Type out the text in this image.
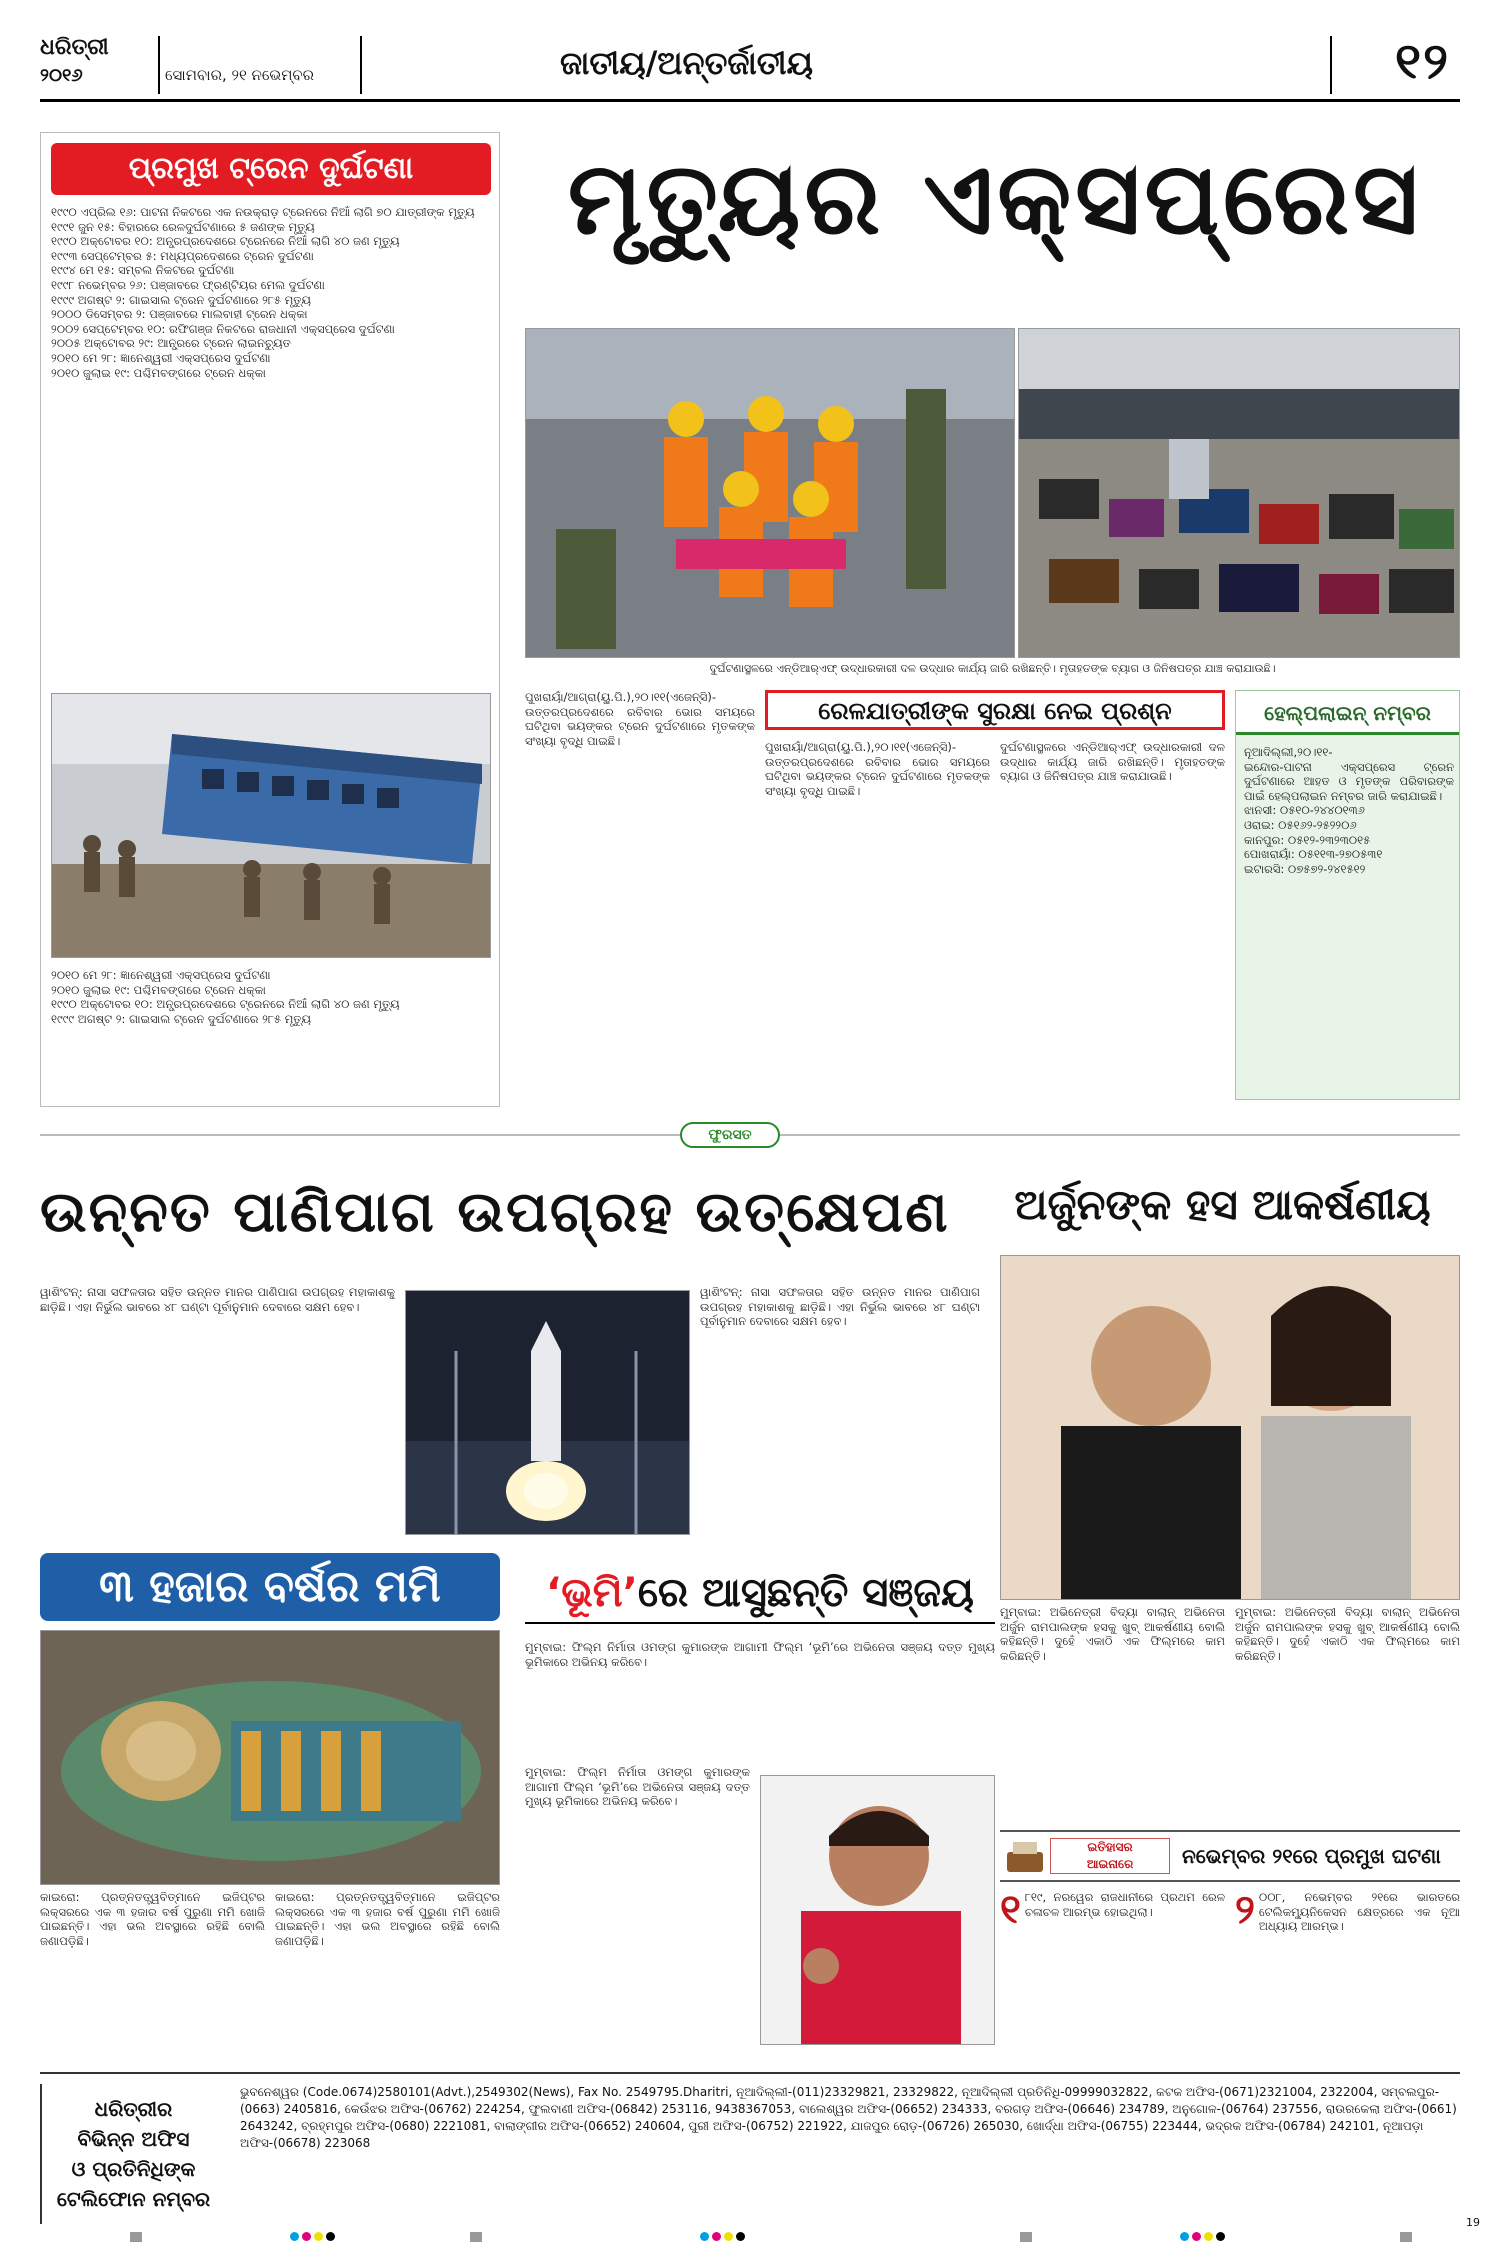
ଧରିତ୍ରୀ
୨୦୧୬	ସୋମବାର, ୨୧ ନଭେମ୍ବର	ଜାତୀୟ/ଅନ୍ତର୍ଜାତୀୟ	୧୨
ପ୍ରମୁଖ ଟ୍ରେନ ଦୁର୍ଘଟଣା

୧୯୯୦ ଏପ୍ରିଲ ୧୬: ପାଟନା ନିକଟରେ ଏକ ନଉକ୍ରାଡ଼ ଟ୍ରେନରେ ନିଆଁ ଲାଗି ୭୦ ଯାତ୍ରୀଙ୍କ ମୃତ୍ୟୁ

୧୯୯୧ ଜୁନ ୧୫: ବିହାରରେ ରେଳଦୁର୍ଘଟଣାରେ ୫ ଜଣଙ୍କ ମୃତ୍ୟୁ

୧୯୯୦ ଅକ୍ଟୋବର ୧୦: ଅନ୍ଧ୍ରପ୍ରଦେଶରେ ଟ୍ରେନରେ ନିଆଁ ଲାଗି ୪୦ ଜଣ ମୃତ୍ୟୁ

୧୯୯୩ ସେପ୍ଟେମ୍ବର ୫: ମଧ୍ୟପ୍ରଦେଶରେ ଟ୍ରେନ ଦୁର୍ଘଟଣା

୧୯୯୪ ମେ ୧୫: ସମ୍ବଲ ନିକଟରେ ଦୁର୍ଘଟଣା

୧୯୯୮ ନଭେମ୍ବର ୨୬: ପଞ୍ଜାବରେ ଫ୍ରଣ୍ଟିୟର ମେଲ ଦୁର୍ଘଟଣା

୧୯୯୯ ଅଗଷ୍ଟ ୨: ଗାଇସାଲ ଟ୍ରେନ ଦୁର୍ଘଟଣାରେ ୨୮୫ ମୃତ୍ୟୁ

୨୦୦୦ ଡିସେମ୍ବର ୨: ପଞ୍ଜାବରେ ମାଲବାହୀ ଟ୍ରେନ ଧକ୍କା

୨୦୦୨ ସେପ୍ଟେମ୍ବର ୧୦: ରଫିଗଞ୍ଜ ନିକଟରେ ରାଜଧାନୀ ଏକ୍ସପ୍ରେସ ଦୁର୍ଘଟଣା

୨୦୦୫ ଅକ୍ଟୋବର ୨୯: ଆନ୍ଧ୍ରରେ ଟ୍ରେନ ଲାଇନଚ୍ୟୁତ

୨୦୧୦ ମେ ୨୮: ଜ୍ଞାନେଶ୍ୱରୀ ଏକ୍ସପ୍ରେସ ଦୁର୍ଘଟଣା

୨୦୧୦ ଜୁଲାଇ ୧୯: ପଶ୍ଚିମବଙ୍ଗରେ ଟ୍ରେନ ଧକ୍କା

୨୦୧୦ ମେ ୨୮: ଜ୍ଞାନେଶ୍ୱରୀ ଏକ୍ସପ୍ରେସ ଦୁର୍ଘଟଣା

୨୦୧୦ ଜୁଲାଇ ୧୯: ପଶ୍ଚିମବଙ୍ଗରେ ଟ୍ରେନ ଧକ୍କା

୧୯୯୦ ଅକ୍ଟୋବର ୧୦: ଅନ୍ଧ୍ରପ୍ରଦେଶରେ ଟ୍ରେନରେ ନିଆଁ ଲାଗି ୪୦ ଜଣ ମୃତ୍ୟୁ

୧୯୯୯ ଅଗଷ୍ଟ ୨: ଗାଇସାଲ ଟ୍ରେନ ଦୁର୍ଘଟଣାରେ ୨୮୫ ମୃତ୍ୟୁ

ମୃତ୍ୟୁର ଏକ୍ସପ୍ରେସ
ଦୁର୍ଘଟଣାସ୍ଥଳରେ ଏନ୍‌ଡିଆର୍‌ଏଫ୍ ଉଦ୍ଧାରକାରୀ ଦଳ ଉଦ୍ଧାର କାର୍ଯ୍ୟ ଜାରି ରଖିଛନ୍ତି। ମୃତାହତଙ୍କ ବ୍ୟାଗ ଓ ଜିନିଷପତ୍ର ଯାଞ୍ଚ କରାଯାଉଛି।

ପୁଖରାୟାଁ/ଆଗ୍ରା(ୟୁ.ପି.),୨୦।୧୧(ଏଜେନ୍ସି)- ଉତ୍ତରପ୍ରଦେଶରେ ରବିବାର ଭୋର ସମୟରେ ଘଟିଥିବା ଭୟଙ୍କର ଟ୍ରେନ ଦୁର୍ଘଟଣାରେ ମୃତକଙ୍କ ସଂଖ୍ୟା ବୃଦ୍ଧି ପାଇଛି।

ରେଳଯାତ୍ରୀଙ୍କ ସୁରକ୍ଷା ନେଇ ପ୍ରଶ୍ନ

ପୁଖରାୟାଁ/ଆଗ୍ରା(ୟୁ.ପି.),୨୦।୧୧(ଏଜେନ୍ସି)- ଉତ୍ତରପ୍ରଦେଶରେ ରବିବାର ଭୋର ସମୟରେ ଘଟିଥିବା ଭୟଙ୍କର ଟ୍ରେନ ଦୁର୍ଘଟଣାରେ ମୃତକଙ୍କ ସଂଖ୍ୟା ବୃଦ୍ଧି ପାଇଛି।

ଦୁର୍ଘଟଣାସ୍ଥଳରେ ଏନ୍‌ଡିଆର୍‌ଏଫ୍ ଉଦ୍ଧାରକାରୀ ଦଳ ଉଦ୍ଧାର କାର୍ଯ୍ୟ ଜାରି ରଖିଛନ୍ତି। ମୃତାହତଙ୍କ ବ୍ୟାଗ ଓ ଜିନିଷପତ୍ର ଯାଞ୍ଚ କରାଯାଉଛି।

ହେଲ୍ପଲାଇନ୍ ନମ୍ବର

ନୂଆଦିଲ୍ଲୀ,୨୦।୧୧-

ଇନ୍ଦୋର-ପାଟନା ଏକ୍ସପ୍ରେସ ଟ୍ରେନ ଦୁର୍ଘଟଣାରେ ଆହତ ଓ ମୃତଙ୍କ ପରିବାରଙ୍କ ପାଇଁ ହେଲ୍ପଲାଇନ ନମ୍ବର ଜାରି କରାଯାଇଛି।

ଝାନସୀ: ୦୫୧୦-୨୪୪୦୧୩୬

ଓରାଇ: ୦୫୧୬୨-୨୫୨୨୦୬

କାନପୁର: ୦୫୧୨-୨୩୨୩୦୧୫

ପୋଖରାୟାଁ: ୦୫୧୧୩-୨୭୦୫୩୧

ଇଟାରସି: ୦୭୫୭୨-୨୪୧୫୧୨

ଫୁରସତ
ଉନ୍ନତ ପାଣିପାଗ ଉପଗ୍ରହ ଉତ୍କ୍ଷେପଣ

ୱାଶିଂଟନ୍: ନାସା ସଫଳତାର ସହିତ ଉନ୍ନତ ମାନର ପାଣିପାଗ ଉପଗ୍ରହ ମହାକାଶକୁ ଛାଡ଼ିଛି। ଏହା ନିର୍ଭୁଲ ଭାବରେ ୪୮ ଘଣ୍ଟା ପୂର୍ବାନୁମାନ ଦେବାରେ ସକ୍ଷମ ହେବ।

ୱାଶିଂଟନ୍: ନାସା ସଫଳତାର ସହିତ ଉନ୍ନତ ମାନର ପାଣିପାଗ ଉପଗ୍ରହ ମହାକାଶକୁ ଛାଡ଼ିଛି। ଏହା ନିର୍ଭୁଲ ଭାବରେ ୪୮ ଘଣ୍ଟା ପୂର୍ବାନୁମାନ ଦେବାରେ ସକ୍ଷମ ହେବ।

ଅର୍ଜୁନଙ୍କ ହସ ଆକର୍ଷଣୀୟ

ମୁମ୍ବାଇ: ଅଭିନେତ୍ରୀ ବିଦ୍ୟା ବାଲାନ୍ ଅଭିନେତା ଅର୍ଜୁନ ରାମପାଲଙ୍କ ହସକୁ ଖୁବ୍ ଆକର୍ଷଣୀୟ ବୋଲି କହିଛନ୍ତି। ଦୁହେଁ ଏକାଠି ଏକ ଫିଲ୍ମରେ କାମ କରିଛନ୍ତି।

ମୁମ୍ବାଇ: ଅଭିନେତ୍ରୀ ବିଦ୍ୟା ବାଲାନ୍ ଅଭିନେତା ଅର୍ଜୁନ ରାମପାଲଙ୍କ ହସକୁ ଖୁବ୍ ଆକର୍ଷଣୀୟ ବୋଲି କହିଛନ୍ତି। ଦୁହେଁ ଏକାଠି ଏକ ଫିଲ୍ମରେ କାମ କରିଛନ୍ତି।

୩ ହଜାର ବର୍ଷର ମମି

କାଇରୋ: ପ୍ରତ୍ନତତ୍ତ୍ୱବିତ୍‌ମାନେ ଇଜିପ୍ଟର ଲକ୍ସରରେ ଏକ ୩ ହଜାର ବର୍ଷ ପୁରୁଣା ମମି ଖୋଜି ପାଇଛନ୍ତି। ଏହା ଭଲ ଅବସ୍ଥାରେ ରହିଛି ବୋଲି ଜଣାପଡ଼ିଛି।

କାଇରୋ: ପ୍ରତ୍ନତତ୍ତ୍ୱବିତ୍‌ମାନେ ଇଜିପ୍ଟର ଲକ୍ସରରେ ଏକ ୩ ହଜାର ବର୍ଷ ପୁରୁଣା ମମି ଖୋଜି ପାଇଛନ୍ତି। ଏହା ଭଲ ଅବସ୍ଥାରେ ରହିଛି ବୋଲି ଜଣାପଡ଼ିଛି।

‘ଭୂମି’ରେ ଆସୁଛନ୍ତି ସଞ୍ଜୟ

ମୁମ୍ବାଇ: ଫିଲ୍ମ ନିର୍ମାତା ଓମଙ୍ଗ କୁମାରଙ୍କ ଆଗାମୀ ଫିଲ୍ମ ‘ଭୂମି’ରେ ଅଭିନେତା ସଞ୍ଜୟ ଦତ୍ତ ମୁଖ୍ୟ ଭୂମିକାରେ ଅଭିନୟ କରିବେ।

ମୁମ୍ବାଇ: ଫିଲ୍ମ ନିର୍ମାତା ଓମଙ୍ଗ କୁମାରଙ୍କ ଆଗାମୀ ଫିଲ୍ମ ‘ଭୂମି’ରେ ଅଭିନେତା ସଞ୍ଜୟ ଦତ୍ତ ମୁଖ୍ୟ ଭୂମିକାରେ ଅଭିନୟ କରିବେ।

ଇତିହାସର
ଆଇନାରେ	ନଭେମ୍ବର ୨୧ରେ ପ୍ରମୁଖ ଘଟଣା
୧ ୮୧୯, ନରୱେର ରାଜଧାନୀରେ ପ୍ରଥମ ରେଳ ଚଳାଚଳ ଆରମ୍ଭ ହୋଇଥିଲା।	୨ ୦୦୮, ନଭେମ୍ବର ୨୧ରେ ଭାରତରେ ଟେଲିକମ୍ୟୁନିକେସନ କ୍ଷେତ୍ରରେ ଏକ ନୂଆ ଅଧ୍ୟାୟ ଆରମ୍ଭ।

ଧରିତ୍ରୀର
ବିଭିନ୍ନ ଅଫିସ
ଓ ପ୍ରତିନିଧିଙ୍କ
ଟେଲିଫୋନ ନମ୍ବର
ଭୁବନେଶ୍ୱର (Code.0674)2580101(Advt.),2549302(News), Fax No. 2549795.Dharitri, ନୂଆଦିଲ୍ଲୀ-(011)23329821, 23329822, ନୂଆଦିଲ୍ଲୀ ପ୍ରତିନିଧି-09999032822, କଟକ ଅଫିସ-(0671)2321004, 2322004, ସମ୍ବଲପୁର-(0663) 2405816, କେଉଁଝର ଅଫିସ-(06762) 224254, ଫୁଲବାଣୀ ଅଫିସ-(06842) 253116, 9438367053, ବାଲେଶ୍ୱର ଅଫିସ-(06652) 234333, ବରଗଡ଼ ଅଫିସ-(06646) 234789, ଅନୁଗୋଳ-(06764) 237556, ରାଉରକେଲା ଅଫିସ-(0661) 2643242, ବ୍ରହ୍ମପୁର ଅଫିସ-(0680) 2221081, ବାଲାଙ୍ଗୀର ଅଫିସ-(06652) 240604, ପୁରୀ ଅଫିସ-(06752) 221922, ଯାଜପୁର ରୋଡ଼-(06726) 265030, ଖୋର୍ଦ୍ଧା ଅଫିସ-(06755) 223444, ଭଦ୍ରକ ଅଫିସ-(06784) 242101, ନୂଆପଡ଼ା ଅଫିସ-(06678) 223068
19
